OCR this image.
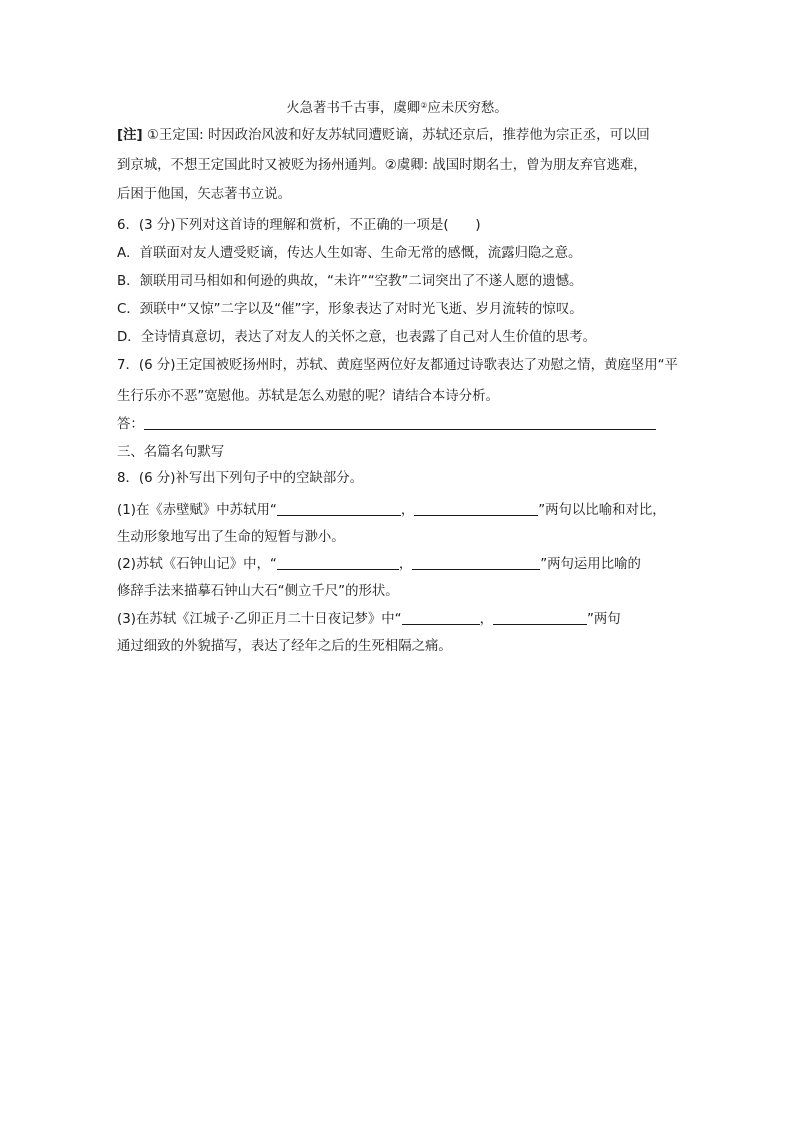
火急著书千古事，虞卿②应未厌穷愁。
[注] ①王定国: 时因政治风波和好友苏轼同遭贬谪，苏轼还京后，推荐他为宗正丞，可以回
到京城，不想王定国此时又被贬为扬州通判。②虞卿: 战国时期名士，曾为朋友弃官逃难，
后困于他国，矢志著书立说。
6．(3 分)下列对这首诗的理解和赏析，不正确的一项是(　　)
A．首联面对友人遭受贬谪，传达人生如寄、生命无常的感慨，流露归隐之意。
B．颔联用司马相如和何逊的典故，“未许”“空教”二词突出了不遂人愿的遗憾。
C．颈联中“又惊”二字以及“催”字，形象表达了对时光飞逝、岁月流转的惊叹。
D．全诗情真意切，表达了对友人的关怀之意，也表露了自己对人生价值的思考。
7．(6 分)王定国被贬扬州时，苏轼、黄庭坚两位好友都通过诗歌表达了劝慰之情，黄庭坚用“平
生行乐亦不恶”宽慰他。苏轼是怎么劝慰的呢？请结合本诗分析。
答：
三、名篇名句默写
8．(6 分)补写出下列句子中的空缺部分。
(1)在《赤壁赋》中苏轼用“	，	”两句以比喻和对比，
生动形象地写出了生命的短暂与渺小。
(2)苏轼《石钟山记》中，“	，	”两句运用比喻的
修辞手法来描摹石钟山大石“侧立千尺”的形状。
(3)在苏轼《江城子·乙卯正月二十日夜记梦》中“	，	”两句
通过细致的外貌描写，表达了经年之后的生死相隔之痛。
